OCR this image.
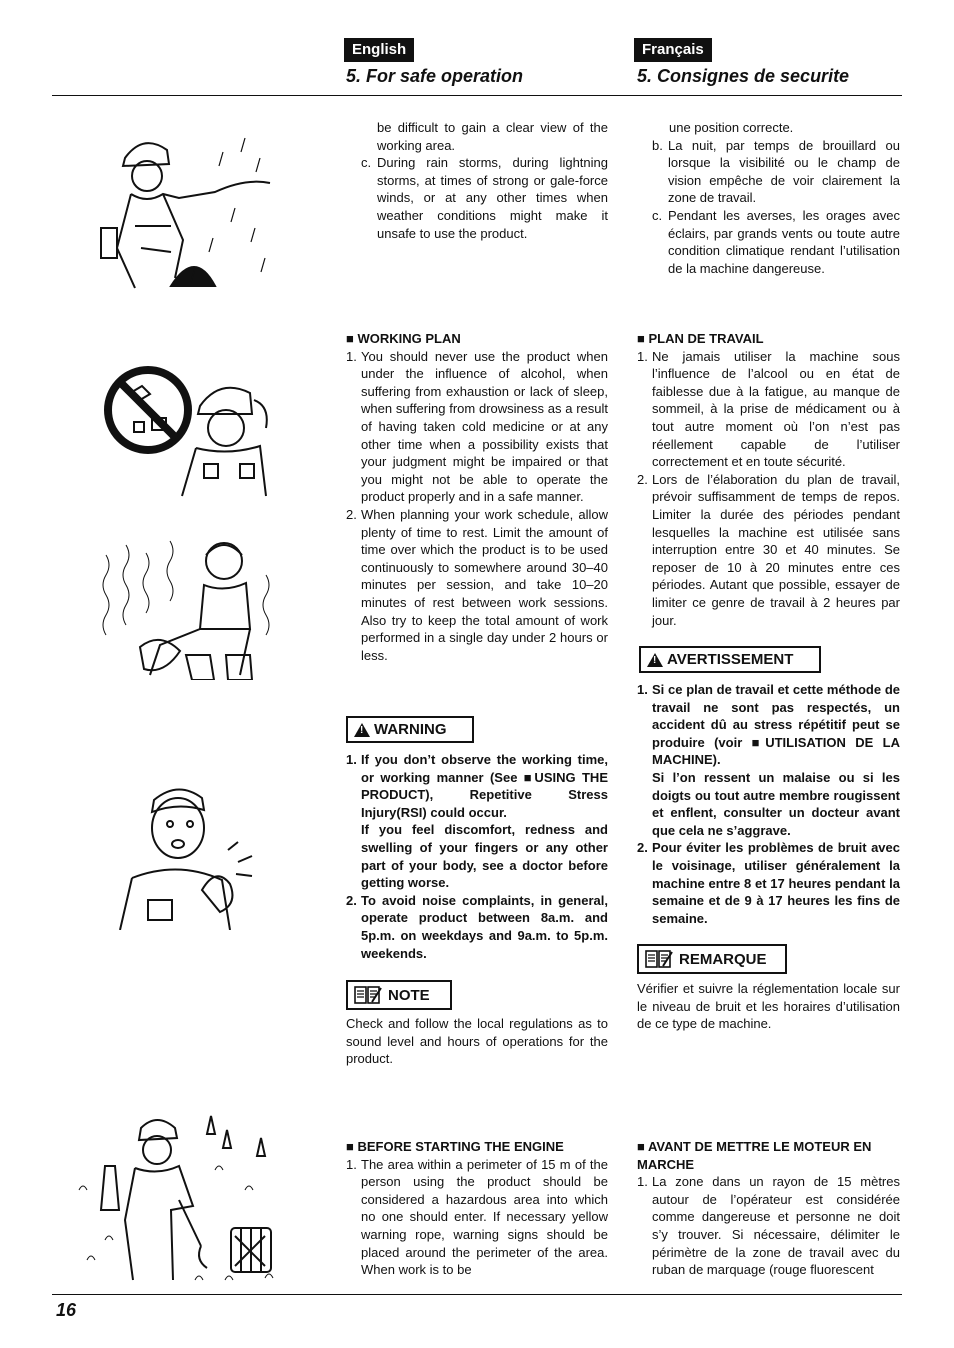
English	Français
5. For safe operation	5. Consignes de securite

be difficult to gain a clear view of the working area.

c. During rain storms, during lightning storms, at times of strong or gale-force winds, or at any other times when weather conditions might make it unsafe to use the product.

■ WORKING PLAN

1. You should never use the product when under the influence of alcohol, when suffering from exhaustion or lack of sleep, when suffering from drowsiness as a result of having taken cold medicine or at any other time when a possibility exists that your judgment might be impaired or that you might not be able to operate the product properly and in a safe manner.
2. When planning your work schedule, allow plenty of time to rest. Limit the amount of time over which the product is to be used continuously to somewhere around 30–40 minutes per session, and take 10–20 minutes of rest between work sessions. Also try to keep the total amount of work performed in a single day under 2 hours or less.
!
WARNING
1. If you don’t observe the working time, or working manner (See ■USING THE PRODUCT), Repetitive Stress Injury(RSI) could occur.

If you feel discomfort, redness and swelling of your fingers or any other part of your body, see a doctor before getting worse.

2. To avoid noise complaints, in general, operate product between 8a.m. and 5p.m. on weekdays and 9a.m. to 5p.m. weekends.
NOTE

Check and follow the local regulations as to sound level and hours of operations for the product.

■ BEFORE STARTING THE ENGINE

1. The area within a perimeter of 15 m of the person using the product should be considered a hazardous area into which no one should enter. If necessary yellow warning rope, warning signs should be placed around the perimeter of the area. When work is to be

une position correcte.

b. La nuit, par temps de brouillard ou lorsque la visibilité ou le champ de vision empêche de voir clairement la zone de travail.
c. Pendant les averses, les orages avec éclairs, par grands vents ou toute autre condition climatique rendant l’utilisation de la machine dangereuse.

■ PLAN DE TRAVAIL

1. Ne jamais utiliser la machine sous l’influence de l’alcool ou en état de faiblesse due à la fatigue, au manque de sommeil, à la prise de médicament ou à tout autre moment où l’on n’est pas réellement capable de l’utiliser correctement et en toute sécurité.
2. Lors de l’élaboration du plan de travail, prévoir suffisamment de temps de repos. Limiter la durée des périodes pendant lesquelles la machine est utilisée sans interruption entre 30 et 40 minutes. Se reposer de 10 à 20 minutes entre ces périodes. Autant que possible, essayer de limiter ce genre de travail à 2 heures par jour.
!
AVERTISSEMENT
1. Si ce plan de travail et cette méthode de travail ne sont pas respectés, un accident dû au stress répétitif peut se produire (voir ■UTILISATION DE LA MACHINE).

Si l’on ressent un malaise ou si les doigts ou tout autre membre rougissent et enflent, consulter un docteur avant que cela ne s’aggrave.

2. Pour éviter les problèmes de bruit avec le voisinage, utiliser généralement la machine entre 8 et 17 heures pendant la semaine et de 9 à 17 heures les fins de semaine.
REMARQUE

Vérifier et suivre la réglementation locale sur le niveau de bruit et les horaires d’utilisation de ce type de machine.

■ AVANT DE METTRE LE MOTEUR EN MARCHE

1. La zone dans un rayon de 15 mètres autour de l’opérateur est considérée comme dangereuse et personne ne doit s’y trouver. Si nécessaire, délimiter le périmètre de la zone de travail avec du ruban de marquage (rouge fluorescent
16
